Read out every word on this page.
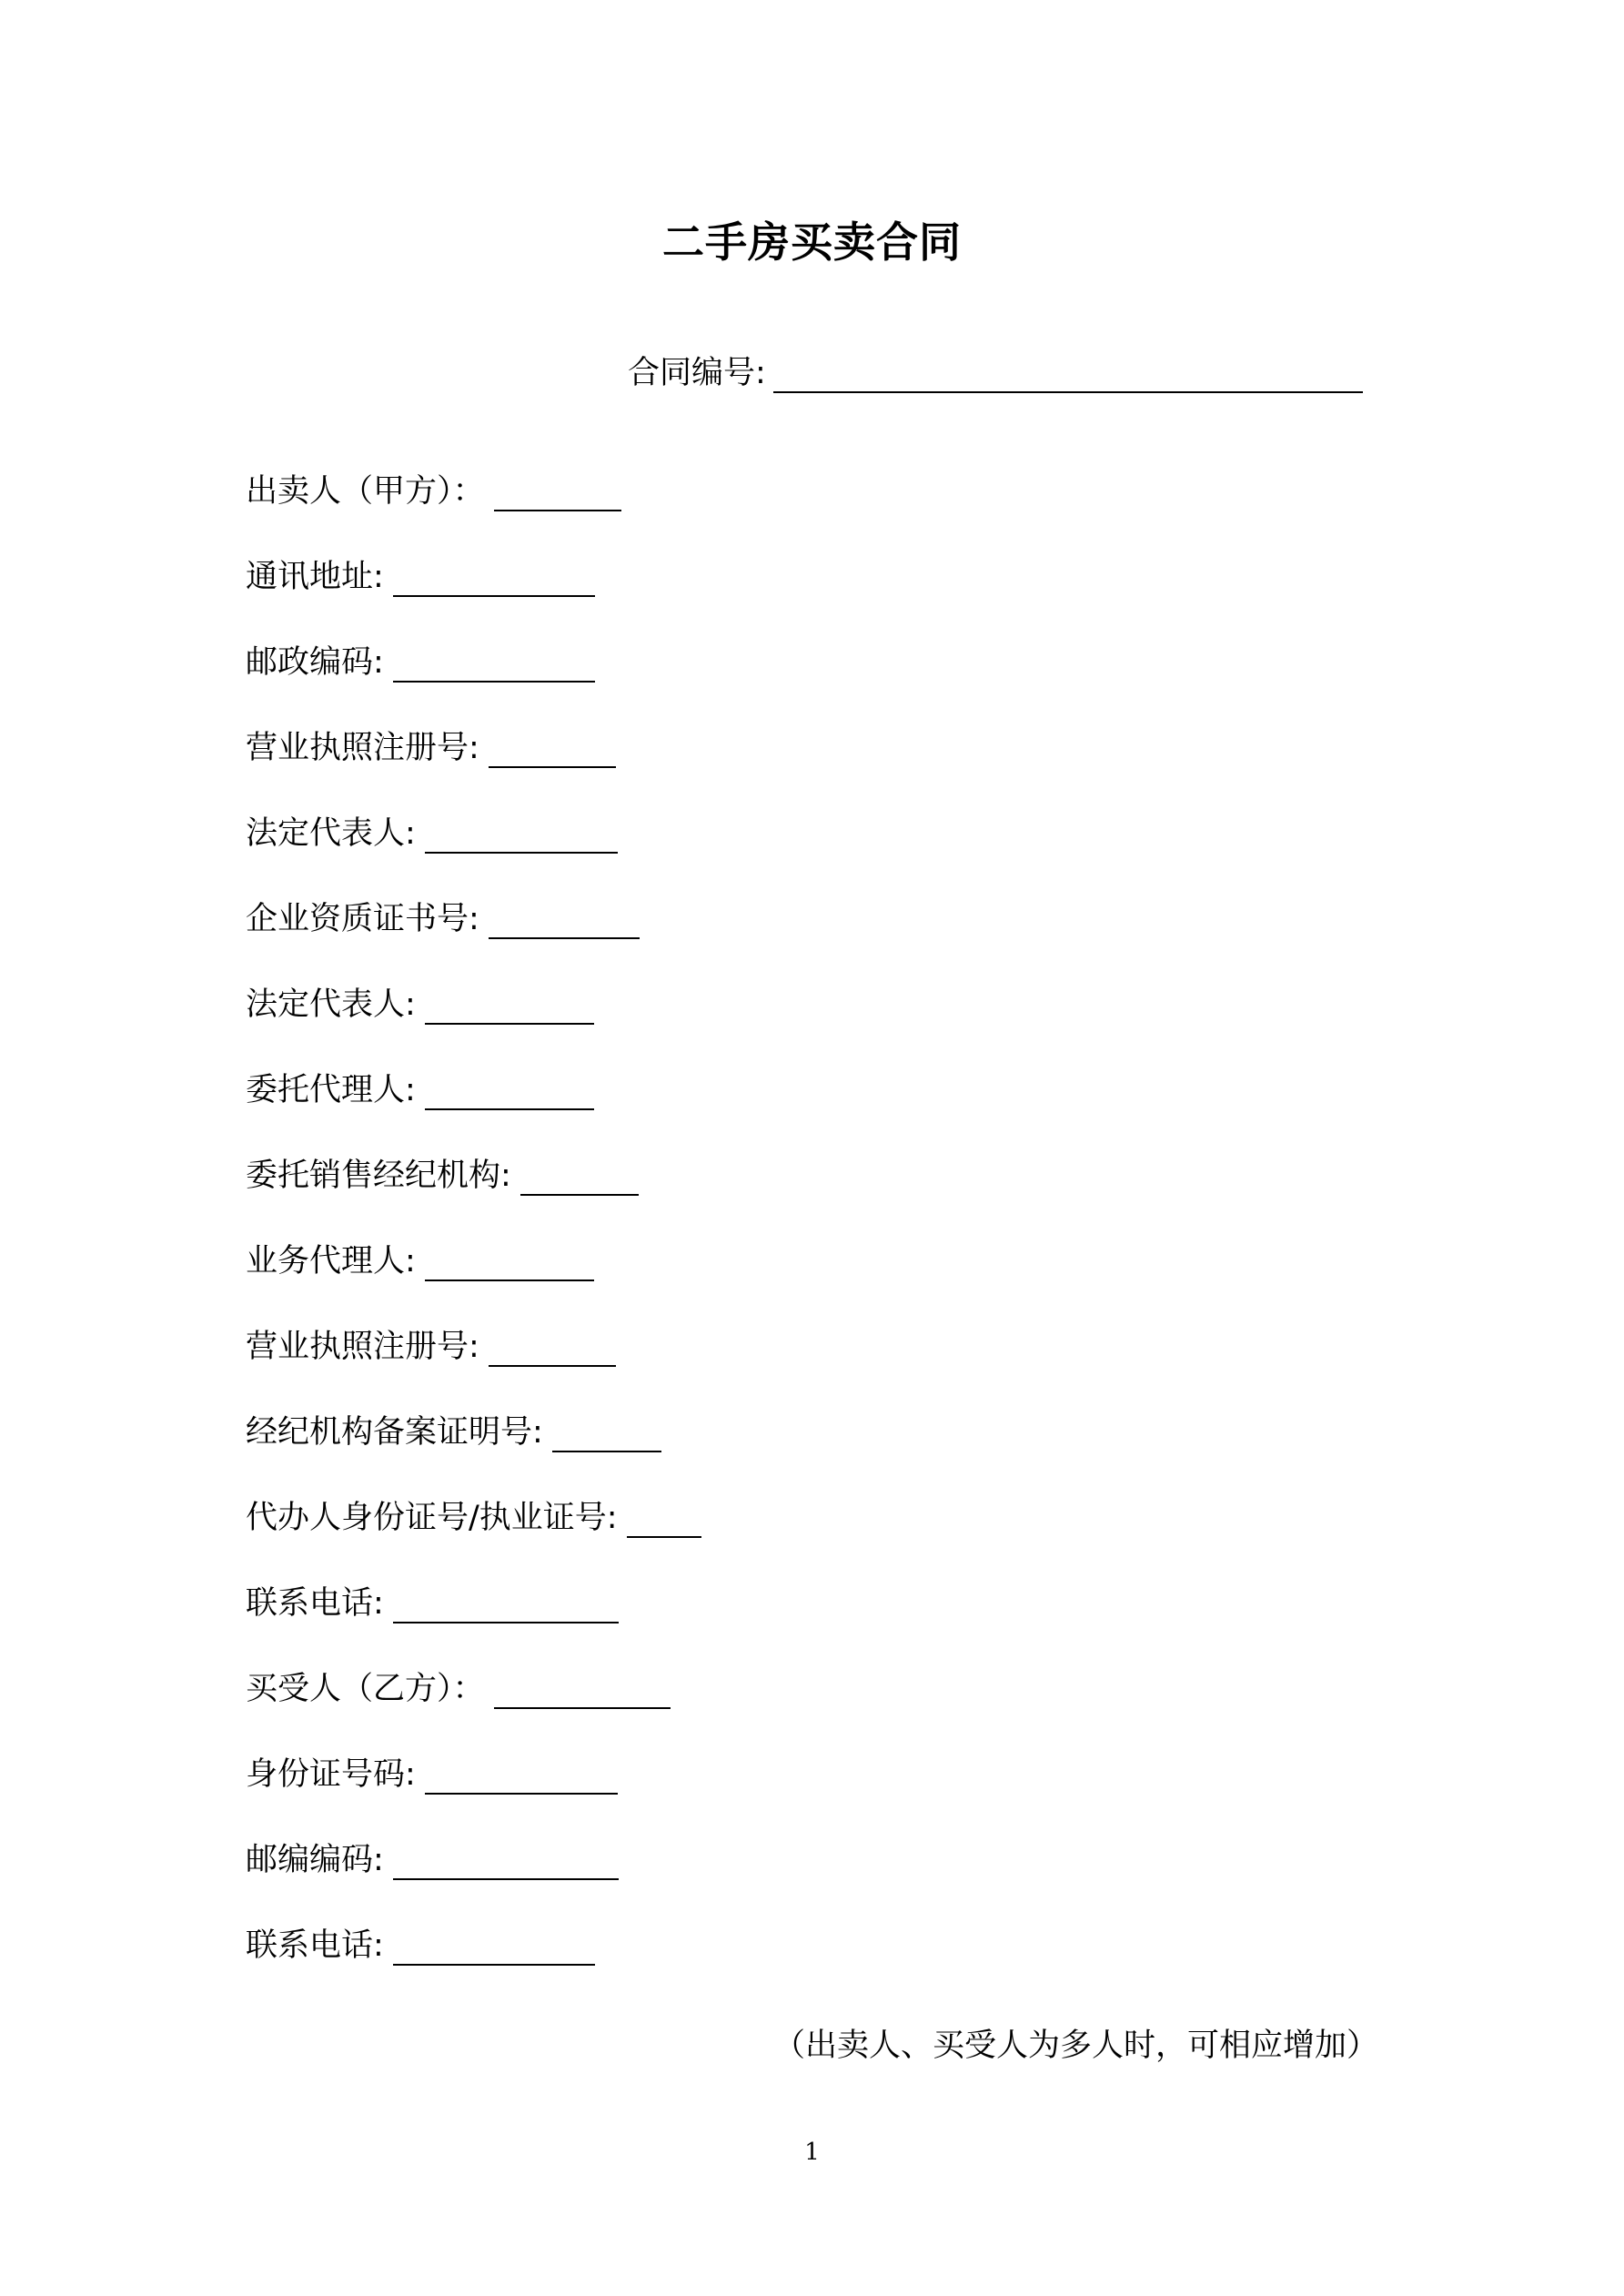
二手房买卖合同
合同编号:
出卖人（甲方）：
通讯地址:
邮政编码:
营业执照注册号:
法定代表人:
企业资质证书号:
法定代表人:
委托代理人:
委托销售经纪机构:
业务代理人:
营业执照注册号:
经纪机构备案证明号:
代办人身份证号/执业证号:
联系电话:
买受人（乙方）：
身份证号码:
邮编编码:
联系电话:
（出卖人、买受人为多人时，可相应增加）
1
